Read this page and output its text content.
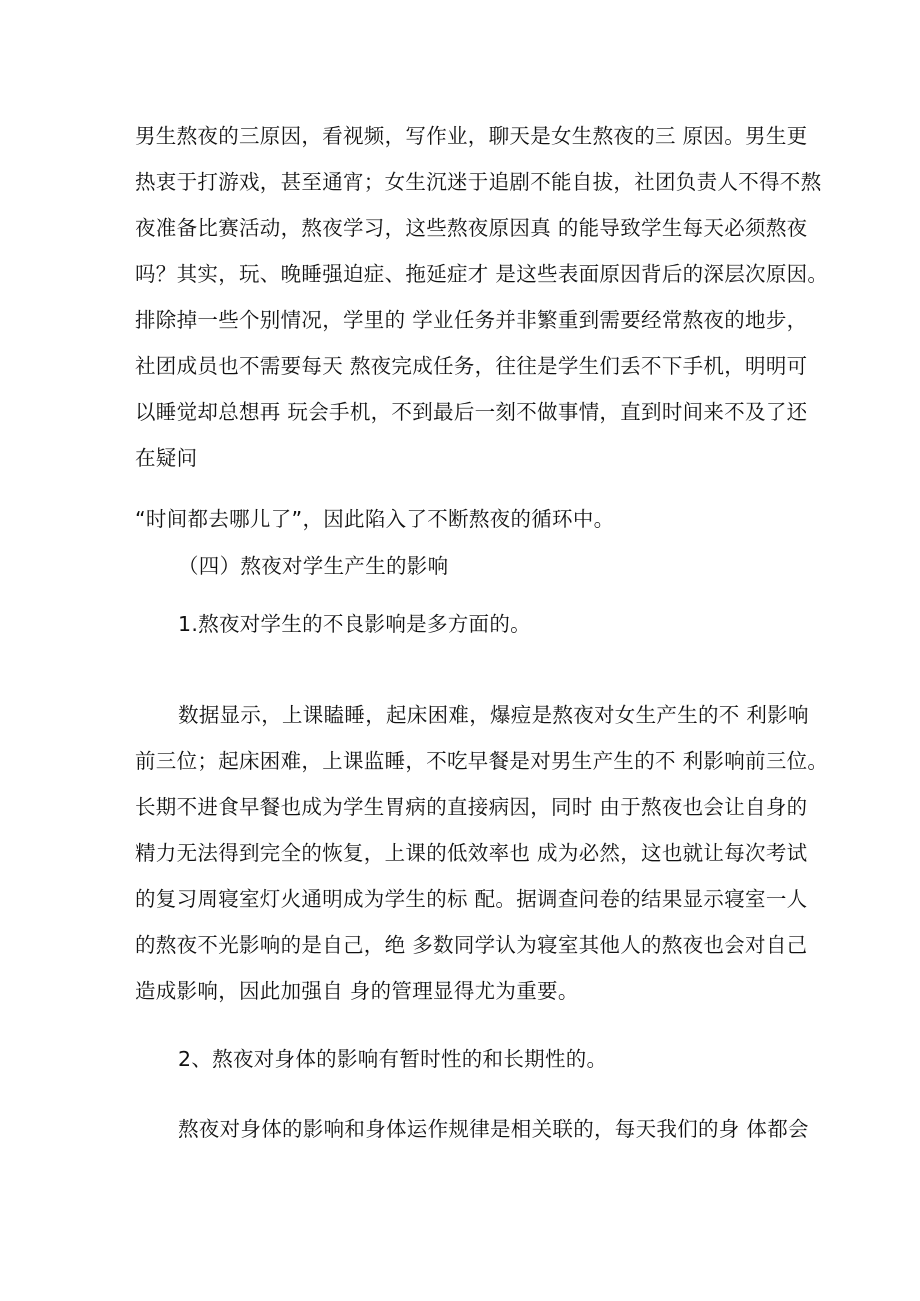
男生熬夜的三原因，看视频，写作业，聊天是女生熬夜的三 原因。男生更
热衷于打游戏，甚至通宵；女生沉迷于追剧不能自拔，社团负责人不得不熬
夜准备比赛活动，熬夜学习，这些熬夜原因真 的能导致学生每天必须熬夜
吗？其实，玩、晚睡强迫症、拖延症才 是这些表面原因背后的深层次原因。
排除掉一些个别情况，学里的 学业任务并非繁重到需要经常熬夜的地步，
社团成员也不需要每天 熬夜完成任务，往往是学生们丢不下手机，明明可
以睡觉却总想再 玩会手机，不到最后一刻不做事情，直到时间来不及了还
在疑问
“时间都去哪儿了”，因此陷入了不断熬夜的循环中。
（四）熬夜对学生产生的影响
1.熬夜对学生的不良影响是多方面的。
数据显示，上课瞌睡，起床困难，爆痘是熬夜对女生产生的不 利影响
前三位；起床困难，上课监睡，不吃早餐是对男生产生的不 利影响前三位。
长期不进食早餐也成为学生胃病的直接病因，同时 由于熬夜也会让自身的
精力无法得到完全的恢复，上课的低效率也 成为必然，这也就让每次考试
的复习周寝室灯火通明成为学生的标 配。据调查问卷的结果显示寝室一人
的熬夜不光影响的是自己，绝 多数同学认为寝室其他人的熬夜也会对自己
造成影响，因此加强自 身的管理显得尤为重要。
2、熬夜对身体的影响有暂时性的和长期性的。
熬夜对身体的影响和身体运作规律是相关联的，每天我们的身 体都会
